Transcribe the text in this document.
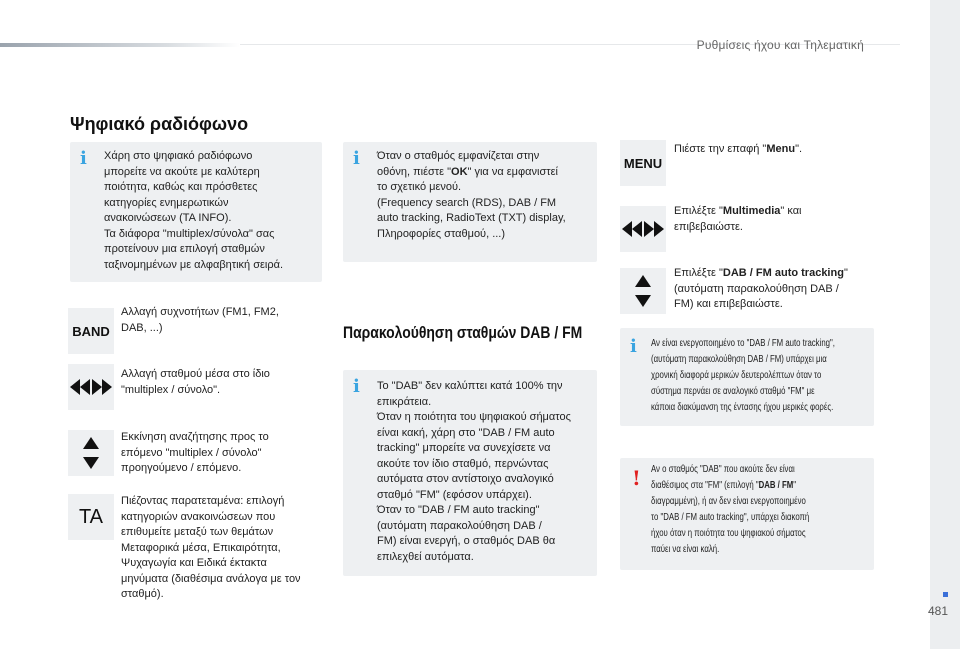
Ρυθμίσεις ήχου και Τηλεματική
481
Ψηφιακό ραδιόφωνο
i Χάρη στο ψηφιακό ραδιόφωνο
μπορείτε να ακούτε με καλύτερη
ποιότητα, καθώς και πρόσθετες
κατηγορίες ενημερωτικών
ανακοινώσεων (TA INFO).
Τα διάφορα "multiplex/σύνολα" σας
προτείνουν μια επιλογή σταθμών
ταξινομημένων με αλφαβητική σειρά.
BAND
Αλλαγή συχνοτήτων (FM1, FM2,
DAB, ...)
Αλλαγή σταθμού μέσα στο ίδιο
"multiplex / σύνολο".
Εκκίνηση αναζήτησης προς το
επόμενο "multiplex / σύνολο"
προηγούμενο / επόμενο.
TA
Πιέζοντας παρατεταμένα: επιλογή
κατηγοριών ανακοινώσεων που
επιθυμείτε μεταξύ των θεμάτων
Μεταφορικά μέσα, Επικαιρότητα,
Ψυχαγωγία και Ειδικά έκτακτα
μηνύματα (διαθέσιμα ανάλογα με τον
σταθμό).
i Όταν ο σταθμός εμφανίζεται στην
οθόνη, πιέστε "OK" για να εμφανιστεί
το σχετικό μενού.
(Frequency search (RDS), DAB / FM
auto tracking, RadioText (TXT) display,
Πληροφορίες σταθμού, ...)
Παρακολούθηση σταθμών DAB / FM
i Το "DAB" δεν καλύπτει κατά 100% την
επικράτεια.
Όταν η ποιότητα του ψηφιακού σήματος
είναι κακή, χάρη στο "DAB / FM auto
tracking" μπορείτε να συνεχίσετε να
ακούτε τον ίδιο σταθμό, περνώντας
αυτόματα στον αντίστοιχο αναλογικό
σταθμό "FM" (εφόσον υπάρχει).
Όταν το "DAB / FM auto tracking"
(αυτόματη παρακολούθηση DAB /
FM) είναι ενεργή, ο σταθμός DAB θα
επιλεχθεί αυτόματα.
MENU
Πιέστε την επαφή "Menu".
Επιλέξτε "Multimedia" και
επιβεβαιώστε.
Επιλέξτε "DAB / FM auto tracking"
(αυτόματη παρακολούθηση DAB /
FM) και επιβεβαιώστε.
i Αν είναι ενεργοποιημένο το "DAB / FM auto tracking",
(αυτόματη παρακολούθηση DAB / FM) υπάρχει μια
χρονική διαφορά μερικών δευτερολέπτων όταν το
σύστημα περνάει σε αναλογικό σταθμό "FM" με
κάποια διακύμανση της έντασης ήχου μερικές φορές.
! Αν ο σταθμός "DAB" που ακούτε δεν είναι
διαθέσιμος στα "FM" (επιλογή "DAB / FM"
διαγραμμένη), ή αν δεν είναι ενεργοποιημένο
το "DAB / FM auto tracking", υπάρχει διακοπή
ήχου όταν η ποιότητα του ψηφιακού σήματος
παύει να είναι καλή.
